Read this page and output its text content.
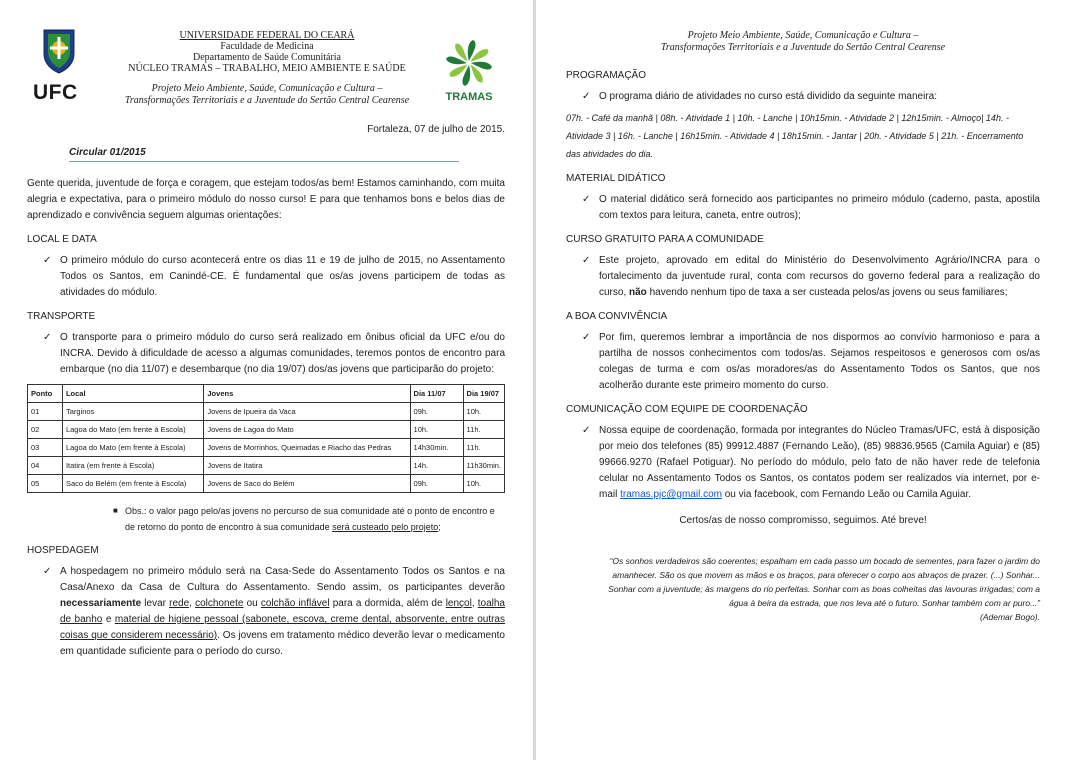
UFC
UNIVERSIDADE FEDERAL DO CEARÁ
Faculdade de Medicina
Departamento de Saúde Comunitária
NÚCLEO TRAMAS – TRABALHO, MEIO AMBIENTE E SAÚDE
Projeto Meio Ambiente, Saúde, Comunicação e Cultura –
Transformações Territoriais e a Juventude do Sertão Central Cearense	TRAMAS
Fortaleza, 07 de julho de 2015.
Circular 01/2015

Gente querida, juventude de força e coragem, que estejam todos/as bem! Estamos caminhando, com muita alegria e expectativa, para o primeiro módulo do nosso curso! E para que tenhamos bons e belos dias de aprendizado e convivência seguem algumas orientações:

LOCAL E DATA
✓ O primeiro módulo do curso acontecerá entre os dias 11 e 19 de julho de 2015, no Assentamento Todos os Santos, em Canindé-CE. É fundamental que os/as jovens participem de todas as atividades do módulo.
TRANSPORTE
✓ O transporte para o primeiro módulo do curso será realizado em ônibus oficial da UFC e/ou do INCRA. Devido à dificuldade de acesso a algumas comunidades, teremos pontos de encontro para embarque (no dia 11/07) e desembarque (no dia 19/07) dos/as jovens que participarão do projeto:
Ponto	Local	Jovens	Dia 11/07	Dia 19/07
01	Targinos	Jovens de Ipueira da Vaca	09h.	10h.
02	Lagoa do Mato (em frente à Escola)	Jovens de Lagoa do Mato	10h.	11h.
03	Lagoa do Mato (em frente à Escola)	Jovens de Morrinhos, Queimadas e Riacho das Pedras	14h30min.	11h.
04	Itatira (em frente à Escola)	Jovens de Itatira	14h.	11h30min.
05	Saco do Belém (em frente à Escola)	Jovens de Saco do Belém	09h.	10h.
■ Obs.: o valor pago pelo/as jovens no percurso de sua comunidade até o ponto de encontro e de retorno do ponto de encontro à sua comunidade será custeado pelo projeto;
HOSPEDAGEM
✓ A hospedagem no primeiro módulo será na Casa-Sede do Assentamento Todos os Santos e na Casa/Anexo da Casa de Cultura do Assentamento. Sendo assim, os participantes deverão necessariamente levar rede, colchonete ou colchão inflável para a dormida, além de lençol, toalha de banho e material de higiene pessoal (sabonete, escova, creme dental, absorvente, entre outras coisas que considerem necessário). Os jovens em tratamento médico deverão levar o medicamento em quantidade suficiente para o período do curso.
Projeto Meio Ambiente, Saúde, Comunicação e Cultura –
Transformações Territoriais e a Juventude do Sertão Central Cearense
PROGRAMAÇÃO
✓ O programa diário de atividades no curso está dividido da seguinte maneira:
07h. - Café da manhã | 08h. - Atividade 1 | 10h. - Lanche | 10h15min. - Atividade 2 | 12h15min. - Almoço| 14h. - Atividade 3 | 16h. - Lanche | 16h15min. - Atividade 4 | 18h15min. - Jantar | 20h. - Atividade 5 | 21h. - Encerramento das atividades do dia.
MATERIAL DIDÁTICO
✓ O material didático será fornecido aos participantes no primeiro módulo (caderno, pasta, apostila com textos para leitura, caneta, entre outros);
CURSO GRATUITO PARA A COMUNIDADE
✓ Este projeto, aprovado em edital do Ministério do Desenvolvimento Agrário/INCRA para o fortalecimento da juventude rural, conta com recursos do governo federal para a realização do curso, não havendo nenhum tipo de taxa a ser custeada pelos/as jovens ou seus familiares;
A BOA CONVIVÊNCIA
✓ Por fim, queremos lembrar a importância de nos dispormos ao convívio harmonioso e para a partilha de nossos conhecimentos com todos/as. Sejamos respeitosos e generosos com os/as colegas de turma e com os/as moradores/as do Assentamento Todos os Santos, que nos acolherão durante este primeiro momento do curso.
COMUNICAÇÃO COM EQUIPE DE COORDENAÇÃO
✓ Nossa equipe de coordenação, formada por integrantes do Núcleo Tramas/UFC, está à disposição por meio dos telefones (85) 99912.4887 (Fernando Leão), (85) 98836.9565 (Camila Aguiar) e (85) 99666.9270 (Rafael Potiguar). No período do módulo, pelo fato de não haver rede de telefonia celular no Assentamento Todos os Santos, os contatos podem ser realizados via internet, por e-mail tramas.pjc@gmail.com ou via facebook, com Fernando Leão ou Camila Aguiar.
Certos/as de nosso compromisso, seguimos. Até breve!
“Os sonhos verdadeiros são coerentes; espalham em cada passo um bocado de sementes, para fazer o jardim do amanhecer. São os que movem as mãos e os braços, para oferecer o corpo aos abraços de prazer. (...) Sonhar... Sonhar com a juventude; às margens do rio perfeitas. Sonhar com as boas colheitas das lavouras irrigadas; com a água à beira da estrada, que nos leva até o futuro. Sonhar também com ar puro...”
(Ademar Bogo).
